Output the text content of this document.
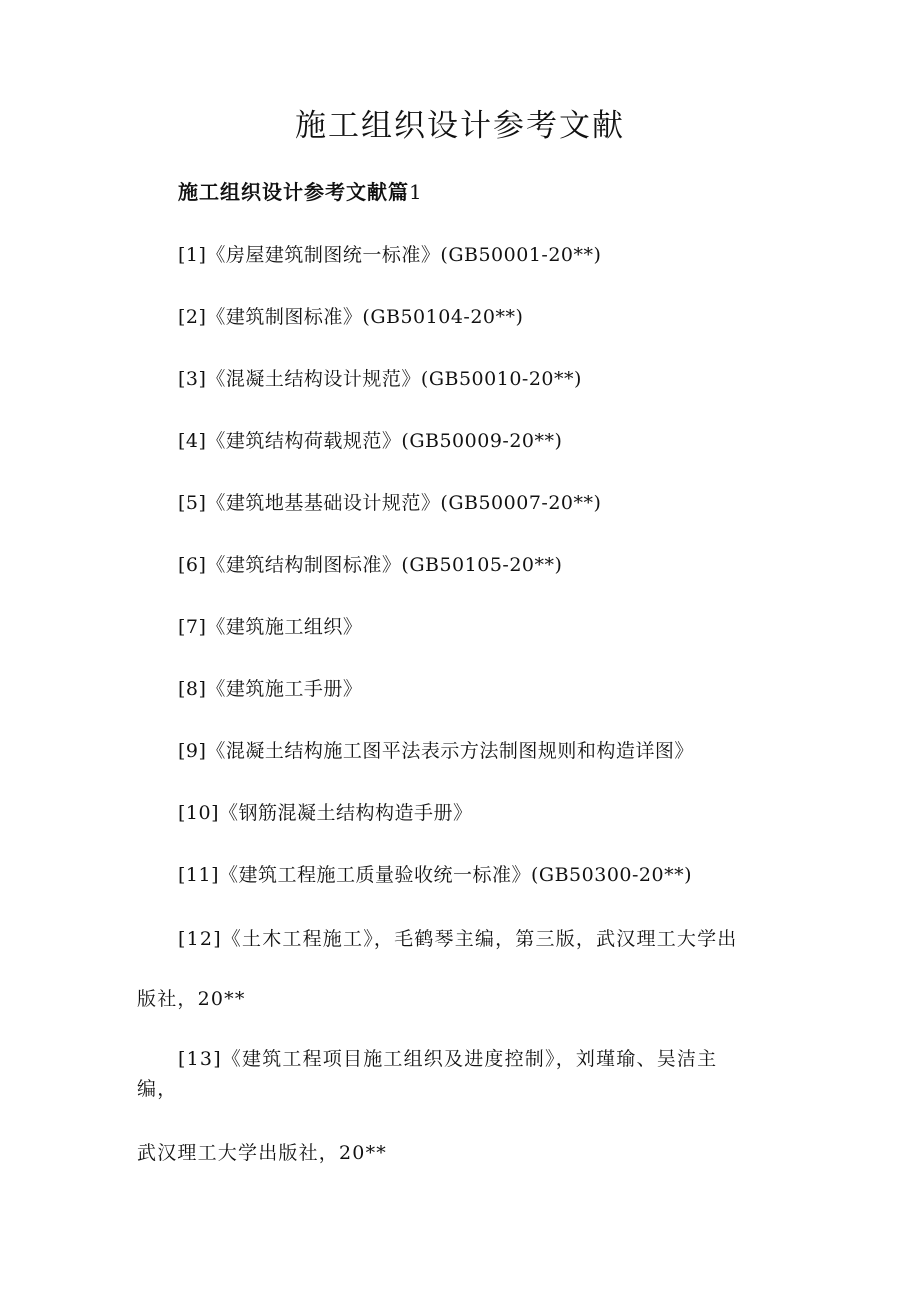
施工组织设计参考文献
施工组织设计参考文献篇1
[1]《房屋建筑制图统一标准》(GB50001-20**)
[2]《建筑制图标准》(GB50104-20**)
[3]《混凝土结构设计规范》(GB50010-20**)
[4]《建筑结构荷载规范》(GB50009-20**)
[5]《建筑地基基础设计规范》(GB50007-20**)
[6]《建筑结构制图标准》(GB50105-20**)
[7]《建筑施工组织》
[8]《建筑施工手册》
[9]《混凝土结构施工图平法表示方法制图规则和构造详图》
[10]《钢筋混凝土结构构造手册》
[11]《建筑工程施工质量验收统一标准》(GB50300-20**)
[12]《土木工程施工》，毛鹤琴主编，第三版，武汉理工大学出
版社，20**
[13]《建筑工程项目施工组织及进度控制》，刘瑾瑜、吴洁主
编，
武汉理工大学出版社，20**
